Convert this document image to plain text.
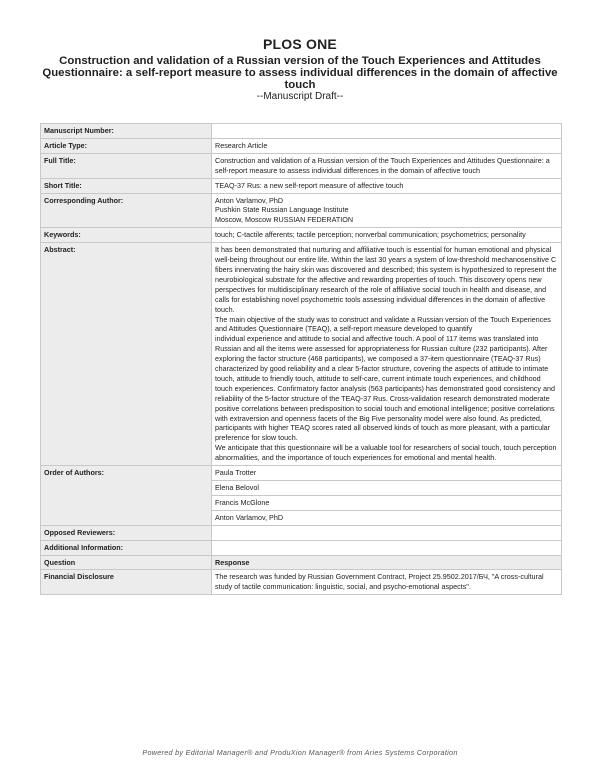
PLOS ONE
Construction and validation of a Russian version of the Touch Experiences and Attitudes Questionnaire: a self-report measure to assess individual differences in the domain of affective touch
--Manuscript Draft--
Manuscript Number:	
Article Type:	Research Article
Full Title:	Construction and validation of a Russian version of the Touch Experiences and Attitudes Questionnaire: a self-report measure to assess individual differences in the domain of affective touch
Short Title:	TEAQ-37 Rus: a new self-report measure of affective touch
Corresponding Author:	Anton Varlamov, PhD
Pushkin State Russian Language Institute
Moscow, Moscow RUSSIAN FEDERATION
Keywords:	touch; C-tactile afferents; tactile perception; nonverbal communication; psychometrics; personality
Abstract:	It has been demonstrated that nurturing and affiliative touch is essential for human emotional and physical well-being throughout our entire life. Within the last 30 years a system of low-threshold mechanosensitive C fibers innervating the hairy skin was discovered and described; this system is hypothesized to represent the neurobiological substrate for the affective and rewarding properties of touch. This discovery opens new perspectives for multidisciplinary research of the role of affiliative social touch in health and disease, and calls for establishing novel psychometric tools assessing individual differences in the domain of affective touch.
The main objective of the study was to construct and validate a Russian version of the Touch Experiences and Attitudes Questionnaire (TEAQ), a self-report measure developed to quantify
individual experience and attitude to social and affective touch. A pool of 117 items was translated into Russian and all the items were assessed for appropriateness for Russian culture (232 participants). After exploring the factor structure (468 participants), we composed a 37-item questionnaire (TEAQ-37 Rus) characterized by good reliability and a clear 5-factor structure, covering the aspects of attitude to intimate touch, attitude to friendly touch, attitude to self-care, current intimate touch experiences, and childhood touch experiences. Confirmatory factor analysis (563 participants) has demonstrated good consistency and reliability of the 5-factor structure of the TEAQ-37 Rus. Cross-validation research demonstrated moderate positive correlations between predisposition to social touch and emotional intelligence; positive correlations with extraversion and openness facets of the Big Five personality model were also found. As predicted, participants with higher TEAQ scores rated all observed kinds of touch as more pleasant, with a particular preference for slow touch.
We anticipate that this questionnaire will be a valuable tool for researchers of social touch, touch perception abnormalities, and the importance of touch experiences for emotional and mental health.
Order of Authors:	Paula Trotter
	Elena Belovol
	Francis McGlone
	Anton Varlamov, PhD
Opposed Reviewers:	
Additional Information:	
Question	Response
Financial Disclosure	The research was funded by Russian Government Contract, Project 25.9502.2017/БЧ, "A cross-cultural study of tactile communication: linguistic, social, and psycho-emotional aspects".
Powered by Editorial Manager® and ProduXion Manager® from Aries Systems Corporation
